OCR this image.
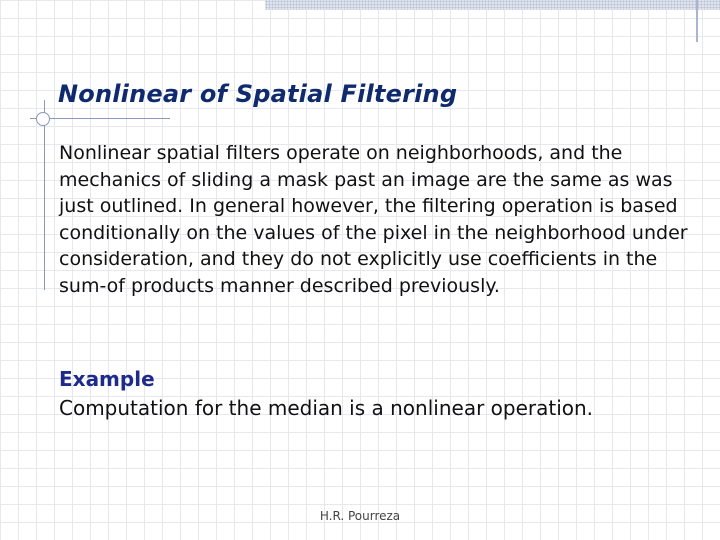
Nonlinear of Spatial Filtering

Nonlinear spatial filters operate on neighborhoods, and the mechanics of sliding a mask past an image are the same as was just outlined. In general however, the filtering operation is based conditionally on the values of the pixel in the neighborhood under consideration, and they do not explicitly use coefficients in the sum-of products manner described previously.

Example

Computation for the median is a nonlinear operation.

H.R. Pourreza
